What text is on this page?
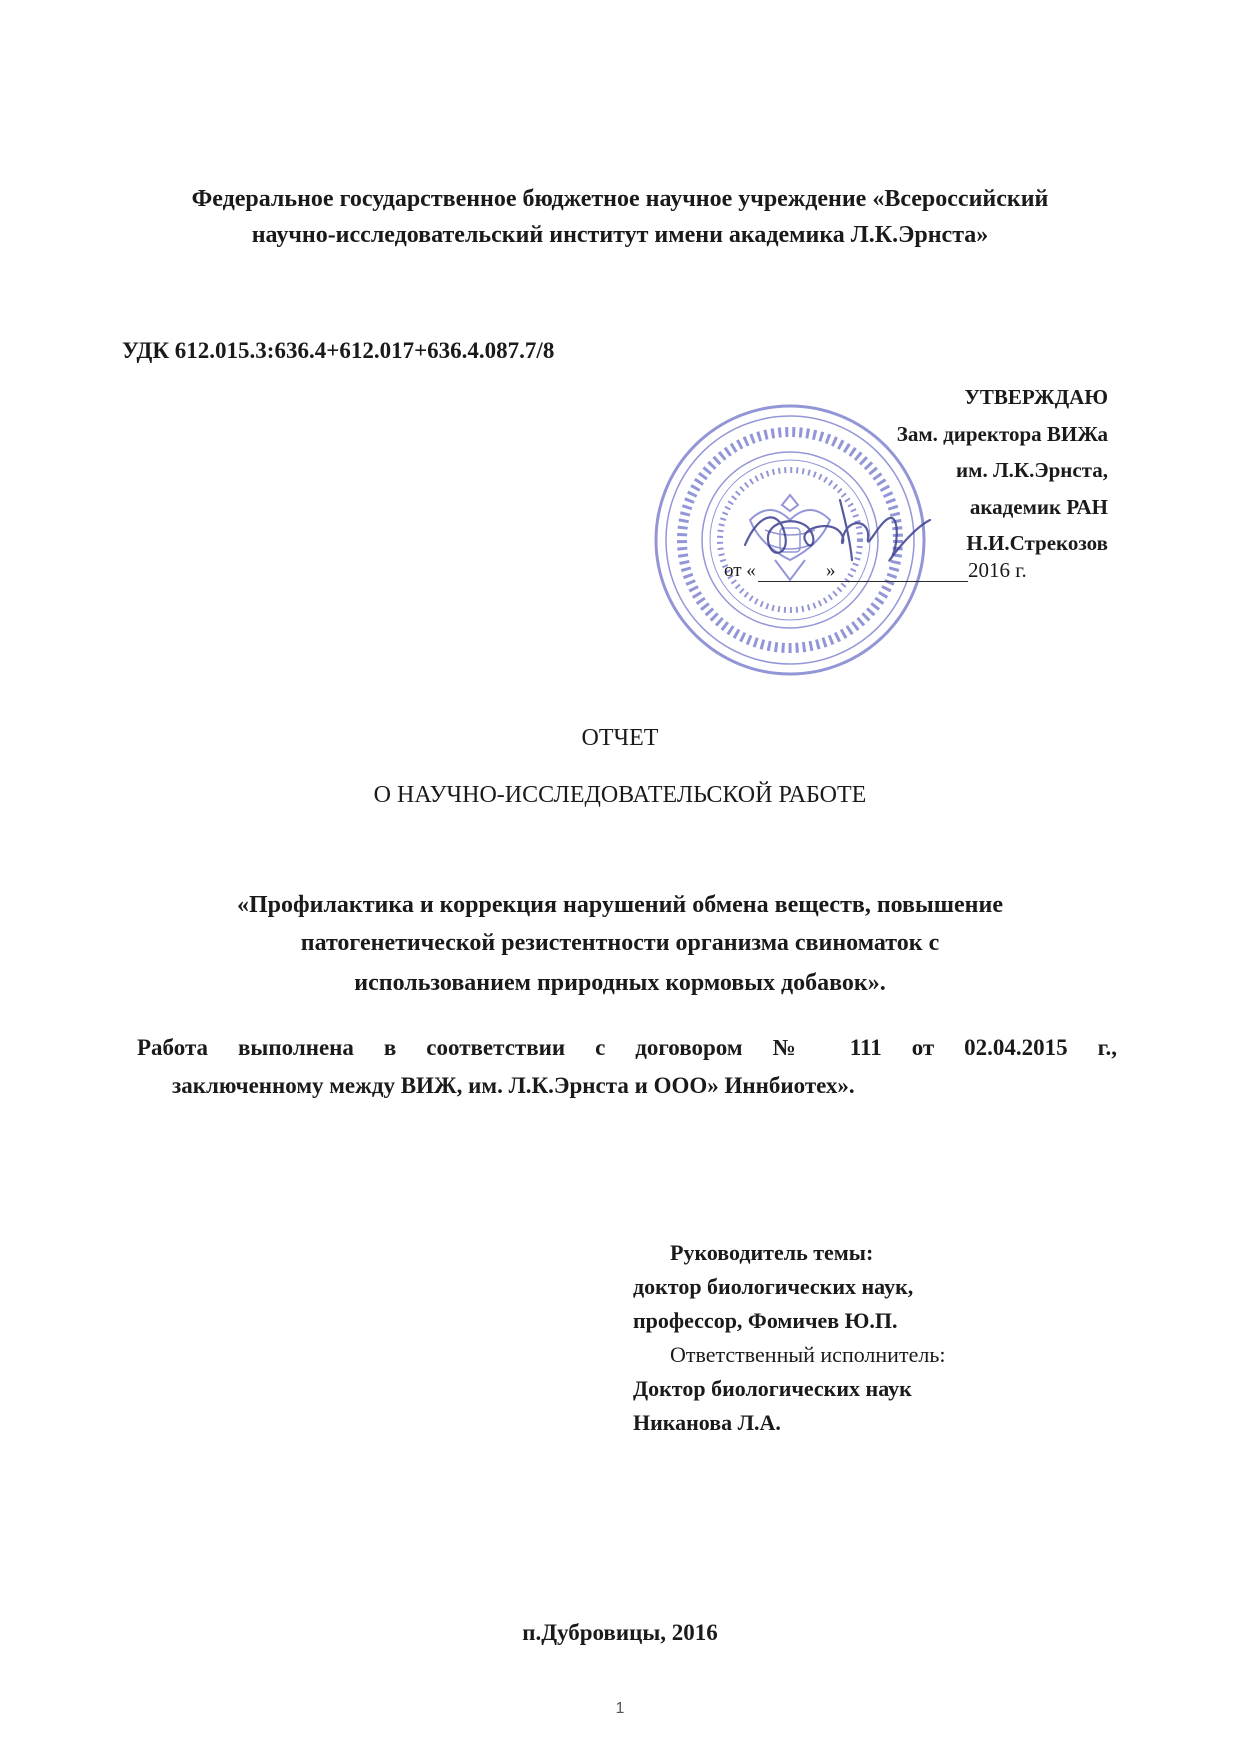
Федеральное государственное бюджетное научное учреждение «Всероссийский
научно-исследовательский институт имени академика Л.К.Эрнста»
УДК 612.015.3:636.4+612.017+636.4.087.7/8
УТВЕРЖДАЮ
Зам. директора ВИЖа
им. Л.К.Эрнста,
академик РАН
Н.И.Стрекозов
от «	»	2016 г.
ОТЧЕТ
О НАУЧНО-ИССЛЕДОВАТЕЛЬСКОЙ РАБОТЕ
«Профилактика и коррекция нарушений обмена веществ, повышение
патогенетической резистентности организма свиноматок с
использованием природных кормовых добавок».
Работа выполнена в соответствии с договором № 111 от 02.04.2015 г.,
заключенному между ВИЖ, им. Л.К.Эрнста и ООО» Иннбиотех».
Руководитель темы:
доктор биологических наук,
профессор, Фомичев Ю.П.
Ответственный исполнитель:
Доктор биологических наук
Никанова Л.А.
п.Дубровицы, 2016
1
